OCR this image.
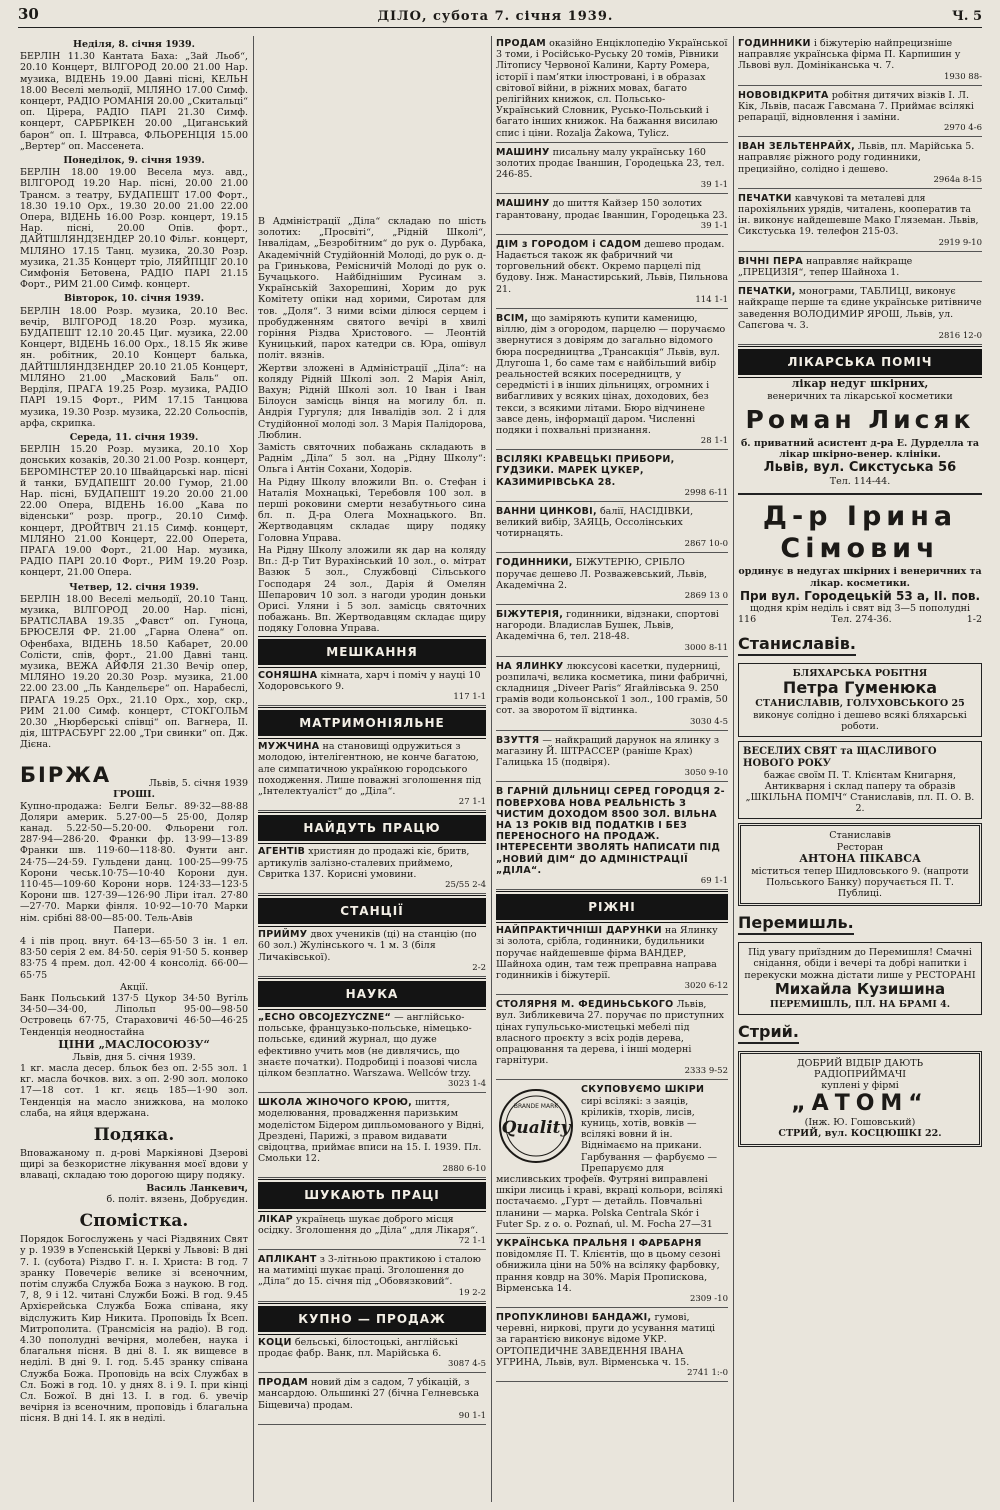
30	ДІЛО, субота 7. січня 1939.	Ч. 5
Неділя, 8. січня 1939.

БЕРЛІН 11.30 Кантата Баха: „Зай Льоб“, 20.10 Концерт, ВІЛГОРОД 20.00 21.00 Нар. музика, ВІДЕНЬ 19.00 Давні пісні, КЕЛЬН 18.00 Веселі мельодії, МІЛЯНО 17.00 Симф. концерт, РАДІО РОМАНІЯ 20.00 „Скитальці“ оп. Цірера, РАДІО ПАРІ 21.30 Симф. концерт, САРБРІКЕН 20.00 „Циганський барон“ оп. І. Штравса, ФЛЬОРЕНЦІЯ 15.00 „Вертер“ оп. Массенета.

Понеділок, 9. січня 1939.

БЕРЛІН 18.00 19.00 Весела муз. авд., ВІЛГОРОД 19.20 Нар. пісні, 20.00 21.00 Трансм. з театру, БУДАПЕШТ 17.00 Форт., 18.30 19.10 Орх., 19.30 20.00 21.00 22.00 Опера, ВІДЕНЬ 16.00 Розр. концерт, 19.15 Нар. пісні, 20.00 Опів. форт., ДАЙТШЛЯНДЗЕНДЕР 20.10 Фільг. концерт, МІЛЯНО 17.15 Танц. музика, 20.30 Розр. музика, 21.35 Концерт тріо, ЛЯЙПЦІГ 20.10 Симфонія Бетовена, РАДІО ПАРІ 21.15 Форт., РИМ 21.00 Симф. концерт.

Вівторок, 10. січня 1939.

БЕРЛІН 18.00 Розр. музика, 20.10 Вес. вечір, ВІЛГОРОД 18.20 Розр. музика, БУДАПЕШТ 12.10 20.45 Циг. музика, 22.00 Концерт, ВІДЕНЬ 16.00 Орх., 18.15 Як живе ян. робітник, 20.10 Концерт балька, ДАЙТШЛЯНДЗЕНДЕР 20.10 21.05 Концерт, МІЛЯНО 21.00 „Масковий Баль“ оп. Верділя, ПРАГА 19.25 Розр. музика, РАДІО ПАРІ 19.15 Форт., РИМ 17.15 Танцюва музика, 19.30 Розр. музика, 22.20 Сольоспів, арфа, скрипка.

Середа, 11. січня 1939.

БЕРЛІН 15.20 Розр. музика, 20.10 Хор донських козаків, 20.30 21.00 Розр. концерт, БЕРОМІНСТЕР 20.10 Швайцарські нар. пісні й танки, БУДАПЕШТ 20.00 Гумор, 21.00 Нар. пісні, БУДАПЕШТ 19.20 20.00 21.00 22.00 Опера, ВІДЕНЬ 16.00 „Кава по віденськи“ розр. прогр., 20.10 Симф. концерт, ДРОЙТВІЧ 21.15 Симф. концерт, МІЛЯНО 21.00 Концерт, 22.00 Оперета, ПРАГА 19.00 Форт., 21.00 Нар. музика, РАДІО ПАРІ 20.10 Форт., РИМ 19.20 Розр. концерт, 21.00 Опера.

Четвер, 12. січня 1939.

БЕРЛІН 18.00 Веселі мельодії, 20.10 Танц. музика, ВІЛГОРОД 20.00 Нар. пісні, БРАТІСЛАВА 19.35 „Фавст“ оп. Гуноца, БРЮСЕЛЯ ФР. 21.00 „Гарна Олена“ оп. Офенбаха, ВІДЕНЬ 18.50 Кабарет, 20.00 Солісти, спів, форт., 21.00 Давні танц. музика, ВЕЖА АЙФЛЯ 21.30 Вечір опер, МІЛЯНО 19.20 20.30 Розр. музика, 21.00 22.00 23.00 „Ль Кандельєре“ оп. Нарабеслі, ПРАГА 19.25 Орх., 21.10 Орх., хор, скр., РИМ 21.00 Симф. концерт, СТОКГОЛЬМ 20.30 „Нюрберські співці“ оп. Вагнера, II. дія, ШТРАСБУРГ 22.00 „Три свинки“ оп. Дж. Дієна.

БІРЖА	Львів, 5. січня 1939
ГРОШІ.

Купно-продажа: Белги Бельг. 89·32—88·88 Доляри америк. 5.27·00—5 25·00, Доляр канад. 5.22·50—5.20·00. Фльорени гол. 287·94—286·20. Франки фр. 13·99—13·89 Франки шв. 119·60—118·80. Фунти анг. 24·75—24·59. Гульдени данц. 100·25—99·75 Корони чеськ.10·75—10·40 Корони дун. 110·45—109·60 Корони норв. 124·33—123·5 Корони шв. 127·39—126·90 Ліри італ. 27·80—27·70. Марки фінля. 10·92—10·70 Марки нім. срібні 88·00—85·00. Тель-Авів

Папери.

4 і пів проц. внут. 64·13—65·50 3 ін. 1 ел. 83·50 серія 2 ем. 84·50. серія 91·50 5. конвер 83·75 4 прем. дол. 42·00 4 консолід. 66·00—65·75

Акції.

Банк Польський 137·5 Цукор 34·50 Вугіль 34·50—34·00, Ліпольп 95·00—98·50 Островець 67·75, Стараховичі 46·50—46·25 Тенденція неодностайна

ЦІНИ „МАСЛОСОЮЗУ“
Львів, дня 5. січня 1939.

1 кг. масла десер. бльок без оп. 2·55 зол. 1 кг. масла бочков. вих. з оп. 2·90 зол. молоко 17—18 сот. 1 кг. яєць 185—1·90 зол. Тенденція на масло знижкова, на молоко слаба, на яйця вдержана.

Подяка.

Вповажаному п. д-рові Маркіянові Дзерові щирі за безкористне лікування моєї вдови у влаваці, складаю тою дорогою щиру подяку.

Василь Ланкевич,
б. політ. вязень, Добруєдин.
Спомістка.

Порядок Богослужень у часі Різдвяних Свят у р. 1939 в Успенській Церкві у Львові: В дні 7. І. (субота) Різдво Г. н. І. Христа: В год. 7 зранку Повечеріє велике зі всеночним, потім служба Служба Божа з наукою. В год. 7, 8, 9 і 12. читані Служби Божі. В год. 9.45 Архієрейська Служба Божа співана, яку відслужить Кир Никита. Проповідь Їх Всеп. Митрополита. (Трансмісія на радіо). В год. 4.30 пополудні вечірня, молебен, наука і благальня пісня. В дні 8. І. як вищевсе в неділі. В дні 9. І. год. 5.45 зранку співана Служба Божа. Проповідь на всіх Службах в Сл. Божі в год. 10. у днях 8. і 9. І. при кінці Сл. Божої. В дні 13. І. в год. 6. увечір вечірня із всеночним, проповідь і благальна пісня. В дні 14. І. як в неділі.

В Адміністрації „Діла“ складаю по шість золотих: „Просвіті“, „Рідній Школі“, Інвалідам, „Безробітним“ до рук о. Дурбака, Академічній Студійонній Молоді, до рук о. д-ра Гринькова, Ремісничій Молоді до рук о. Бучацького. Найбіднішим Русинам з. Українській Захорешині, Хорим до рук Комітету опіки над хорими, Сиротам для тов. „Доля“. З ними всіми ділюся серцем і пробудженням святого вечірі в хвилі горіння Різдва Христового. — Леонтій Куницький, парох катедри св. Юра, ошівул політ. вязнів.

Жертви зложені в Адміністрації „Діла“: на коляду Рідній Школі зол. 2 Марія Аніл, Вахун; Рідній Школі зол. 10 Іван і Іван Білоусн замісць вінця на могилу бл. п. Андрія Гургуля; для Інвалідів зол. 2 і для Студійонної молоді зол. 3 Марія Палідорова, Люблин.

Замість святочних побажань складають в Раднім „Діла“ 5 зол. на „Рідну Школу“: Ольга і Антін Сохани, Ходорів.

На Рідну Школу вложили Вп. о. Стефан і Наталія Мохнацькі, Теребовля 100 зол. в перші роковини смерти незабутнього сина бл. п. Д-ра Олега Мохнацького. Вп. Жертводавцям складає щиру подяку Головна Управа.

На Рідну Школу зложили як дар на коляду Вп.: Д-р Тит Вурахінський 10 зол., о. мітрат Вазюк 5 зол., Службовці Сільського Господаря 24 зол., Дарія й Омелян Шепарович 10 зол. з нагоди уродин доньки Орисі. Уляни і 5 зол. замісць святочних побажань. Вп. Жертводавцям складає щиру подяку Головна Управа.

МЕШКАННЯ
СОНЯШНА кімната, харч і поміч у науці 10 Ходоровського 9.
117 1-1
МАТРИМОНІЯЛЬНЕ
МУЖЧИНА на становищі одружиться з молодою, інтелігентною, не конче багатою, але симпатичною українкою городського походження. Лише поважні зголошення під „Інтелектуаліст“ до „Діла“.
27 1-1
НАЙДУТЬ ПРАЦЮ
АГЕНТІВ християн до продажі кіє, бритв, артикулів залізно-сталевих приймемо, Свритка 137. Корисні умовини.
25/55 2-4
СТАНЦІЇ
ПРИЙМУ двох учеників (ці) на станцію (по 60 зол.) Жулінського ч. 1 м. 3 (біля Личаківської).
2-2
НАУКА
„ECHO OBCOJEZYCZNE“ — англійсько-польське, французько-польське, німецько-польське, єдиний журнал, що дуже ефективно учить мов (не дивлячись, що знаєте початки). Подробиці і поазові числа цілком безплатно. Warszawa. Wellców trzy.
3023 1-4
ШКОЛА ЖІНОЧОГО КРОЮ, шиття, моделювання, провадження паризьким моделістом Бідером дипльомованого у Відні, Дрездені, Парижі, з правом видавати свідоцтва, приймає вписи на 15. I. 1939. Пл. Смольки 12.
2880 6-10
ШУКАЮТЬ ПРАЦІ
ЛІКАР українець шукає доброго місця осідку. Зголошення до „Діла“ „для Лікаря“.
72 1-1
АПЛІКАНТ з 3-літньою практикою і сталою на матиміці шукає праці. Зголошення до „Діла“ до 15. січня під „Обовязковий“.
19 2-2
КУПНО — ПРОДАЖ
КОЦИ бельські, білостоцькі, англійські продає фабр. Ванк, пл. Марійська 6.
3087 4-5
ПРОДАМ новий дім з садом, 7 убікацій, з мансардою. Ольшинкі 27 (бічна Гелневська Біщевича) продам.
90 1-1
ПРОДАМ оказійно Енціклопедію Української 3 томи, і Російсько-Руську 20 томів, Рівники Літопису Червоної Калини, Карту Ромера, історії і пам’ятки ілюстровані, і в образах світової війни, в ріжних мовах, багато релігійних книжок, сл. Польсько-Український Словник, Русько-Польський і багато інших книжок. На бажання висилаю спис і ціни. Rozalja Żakowa, Tylicz.
МАШИНУ писальну малу українську 160 золотих продає Іваншин, Городецька 23, тел. 246-85.
39 1-1
МАШИНУ до шиття Кайзер 150 золотих гарантовану, продає Іваншин, Городецька 23.
39 1-1
ДІМ з ГОРОДОМ і САДОМ дешево продам. Надається також як фабричний чи торговельний обєкт. Окремо парцелі під будову. Інж. Манастирський, Львів, Пильнова 21.
114 1-1
ВСІМ, що заміряють купити каменицю, віллю, дім з огородом, парцелю — поручаємо звернутися з довірям до загально відомого бюра посредництва „Трансакція“ Львів, вул. Длугоша 1, бо саме там є найбільший вибір реальностей всяких посередництв, у середмісті і в інших дільницях, огромних і вибагливих у всяких цінах, доходових, без текси, з всякими літами. Бюро відчинене завсе день, інформації даром. Численні подяки і похвальні признання.
28 1-1
ВСІЛЯКІ КРАВЕЦЬКІ ПРИБОРИ, ГУДЗИКИ. МАРЕК ЦУКЕР, КАЗИМИРІВСЬКА 28.
2998 6-11
ВАННИ ЦИНКОВІ, балії, НАСІДІВКИ, великий вибір, ЗАЯЦЬ, Оссолінських чотирнацять.
2867 10-0
ГОДИННИКИ, БІЖУТЕРІЮ, СРІБЛО поручає дешево Л. Розважевський, Львів, Академічна 2.
2869 13 0
БІЖУТЕРІЯ, годинники, відзнаки, спортові нагороди. Владислав Бушек, Львів, Академічна 6, тел. 218-48.
3000 8-11
НА ЯЛИНКУ люксусові касетки, пудерниці, розпилачі, вєлика косметика, пини фабричні, складниця „Diveer Paris“ Ягайлівська 9. 250 грамів води кольонської 1 зол., 100 грамів, 50 сот. за зворотом її відтинка.
3030 4-5
ВЗУТТЯ — найкращий дарунок на ялинку з магазину Й. ШТРАССЕР (раніше Крах) Галицька 15 (подвіря).
3050 9-10
В ГАРНІЙ ДІЛЬНИЦІ СЕРЕД ГОРОДЦЯ 2-ПОВЕРХОВА НОВА РЕАЛЬНІСТЬ З ЧИСТИМ ДОХОДОМ 8500 ЗОЛ. ВІЛЬНА НА 13 РОКІВ ВІД ПОДАТКІВ І БЕЗ ПЕРЕНОСНОГО НА ПРОДАЖ. ІНТЕРЕСЕНТИ ЗВОЛЯТЬ НАПИСАТИ ПІД „НОВИЙ ДІМ“ ДО АДМІНІСТРАЦІЇ „ДІЛА“.
69 1-1
РІЖНІ
НАЙПРАКТИЧНІШІ ДАРУНКИ на Ялинку зі золота, срібла, годинники, будильники поручає найдешевше фірма ВАНДЕР, Шайноха один, там теж преправна направа годинників і біжутерії.
3020 6-12
СТОЛЯРНЯ М. ФЕДИНЬСЬКОГО Львів, вул. Зибликевича 27. поручає по приступних цінах гупульсько-мистецькі мебелі під власного проєкту з всіх родів дерева, опрацювання та дерева, і інші модерні гарнітури.
2333 9-52
Quality
BRANDE MARK
СКУПОВУЄМО ШКІРИ сирі всілякі: з заяців, кріликів, тхорів, лисів, куниць, хотів, вовків — всілякі вовни й ін. Віднімаємо на прикани. Гарбування — фарбуємо — Препаруємо для мисливських трофеїв. Футряні виправлені шкіри лисиць і краві, вкраці кольори, всілякі постачаємо. „Гурт — детайль. Повчальні планини — марка. Polska Centrala Skór i Futer Sp. z o. o. Poznań, ul. M. Focha 27—31
УКРАЇНСЬКА ПРАЛЬНЯ І ФАРБАРНЯ повідомляє П. Т. Клієнтів, що в цьому сезоні обнижила ціни на 50% на всіляку фарбовку, прання ковдр на 30%. Марія Пропискова, Вірменська 14.
2309 -10
ПРОПУКЛИНОВІ БАНДАЖІ, гумові, черевні, ниркові, пруги до усування матиці за гарантією виконує відоме УКР. ОРТОПЕДИЧНЕ ЗАВЕДЕННЯ ІВАНА УГРИНА, Львів, вул. Вірменська ч. 15.
2741 1:-0
ГОДИННИКИ і біжутерію найпрецизніше направляє українська фірма П. Карпишин у Львові вул. Домініканська ч. 7.
1930 88-
НОВОВІДКРИТА робітня дитячих візків І. Л. Кік, Львів, пасаж Гавсмана 7. Приймає всілякі репарації, відновлення і заміни.
2970 4-6
ІВАН ЗЕЛЬТЕНРАЙХ, Львів, пл. Марійська 5. направляє ріжного роду годинники, прецизійно, солідно і дешево.
2964а 8-15
ПЕЧАТКИ кавчукові та металеві для парохіяльних урядів, читалень, кооператив та ін. виконує найдешевше Мако Гляземан. Львів, Сикстуська 19. телефон 215-03.
2919 9-10
ВІЧНІ ПЕРА направляє найкраще „ПРЕЦИЗІЯ“, тепер Шайноха 1.
ПЕЧАТКИ, монограми, ТАБЛИЦІ, виконує найкраще перше та єдине українське ритівниче заведення ВОЛОДИМИР ЯРОШ, Львів, ул. Сапєгова ч. 3.
2816 12-0
ЛІКАРСЬКА ПОМІЧ
лікар недуг шкірних,
венеричних та лікарської косметики
Роман Лисяк
б. приватний асистент д-ра Е. Дурделла та лікар шкірно-венер. клініки.
Львів, вул. Сикстуська 56
Тел. 114-44.
Д-р Ірина Сімович
ординує в недугах шкірних і венеричних та лікар. косметики.
При вул. Городецькій 53 а, II. пов.
щодня крім неділь і свят від 3—5 пополудні
116	Тел. 274-36.	1-2
Станиславів.
БЛЯХАРСЬКА РОБІТНЯ
Петра Гуменюка
СТАНИСЛАВІВ, ГОЛУХОВСЬКОГО 25
виконує солідно і дешево всякі бляхарські роботи.
ВЕСЕЛИХ СВЯТ та ЩАСЛИВОГО НОВОГО РОКУ
бажає своїм П. Т. Клієнтам Книгарня, Антикварня і склад паперу та образів „ШКІЛЬНА ПОМІЧ“ Станиславів, пл. П. О. В. 2.
Станиславів
Ресторан
АНТОНА ПІКАВСА
міститься тепер Шидловського 9. (напроти Польського Банку) поручається П. Т. Публиці.
Перемишль.
Під увагу приїздним до Перемишля! Смачні снідання, обіди і вечері та добрі напитки і перекуски можна дістати лише у РЕСТОРАНІ
Михайла Кузишина
ПЕРЕМИШЛЬ, ПЛ. НА БРАМІ 4.
Стрий.
ДОБРИЙ ВІДБІР ДАЮТЬ
РАДІОПРИЙМАЧІ
куплені у фірмі
„АТОМ“
(Інж. Ю. Гошовський)
СТРИЙ, вул. КОСЦЮШКІ 22.
